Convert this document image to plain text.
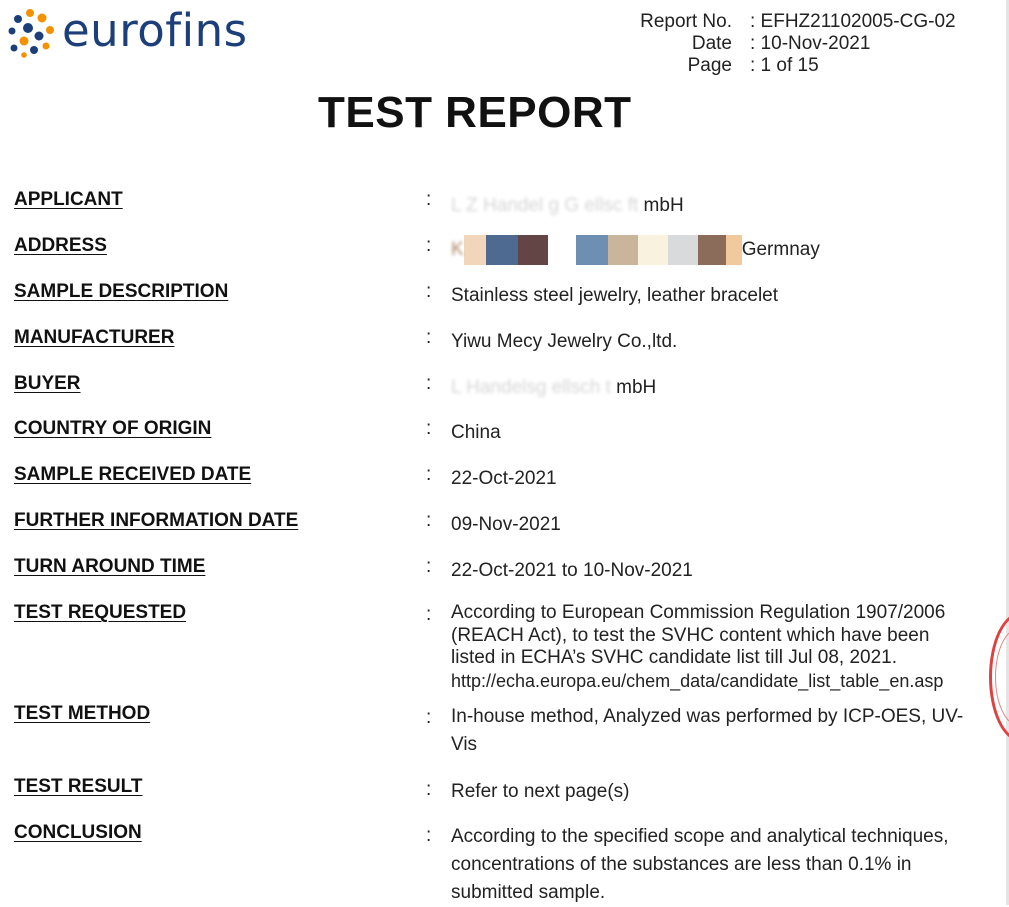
eurofins	Report No. : EFHZ21102005-CG-02
Date : 10-Nov-2021
Page : 1 of 15
TEST REPORT
APPLICANT	: L Z Handel g G ellsc ft mbH
ADDRESS	: K	Germnay
SAMPLE DESCRIPTION	: Stainless steel jewelry, leather bracelet
MANUFACTURER	: Yiwu Mecy Jewelry Co.,ltd.
BUYER	: L Handelsg ellsch t mbH
COUNTRY OF ORIGIN	: China
SAMPLE RECEIVED DATE	: 22-Oct-2021
FURTHER INFORMATION DATE	: 09-Nov-2021
TURN AROUND TIME	: 22-Oct-2021 to 10-Nov-2021
TEST REQUESTED	: According to European Commission Regulation 1907/2006
(REACH Act), to test the SVHC content which have been
listed in ECHA’s SVHC candidate list till Jul 08, 2021.
http://echa.europa.eu/chem_data/candidate_list_table_en.asp
TEST METHOD	: In-house method, Analyzed was performed by ICP-OES, UV-Vis
TEST RESULT	: Refer to next page(s)
CONCLUSION	: According to the specified scope and analytical techniques, concentrations of the substances are less than 0.1% in submitted sample.
